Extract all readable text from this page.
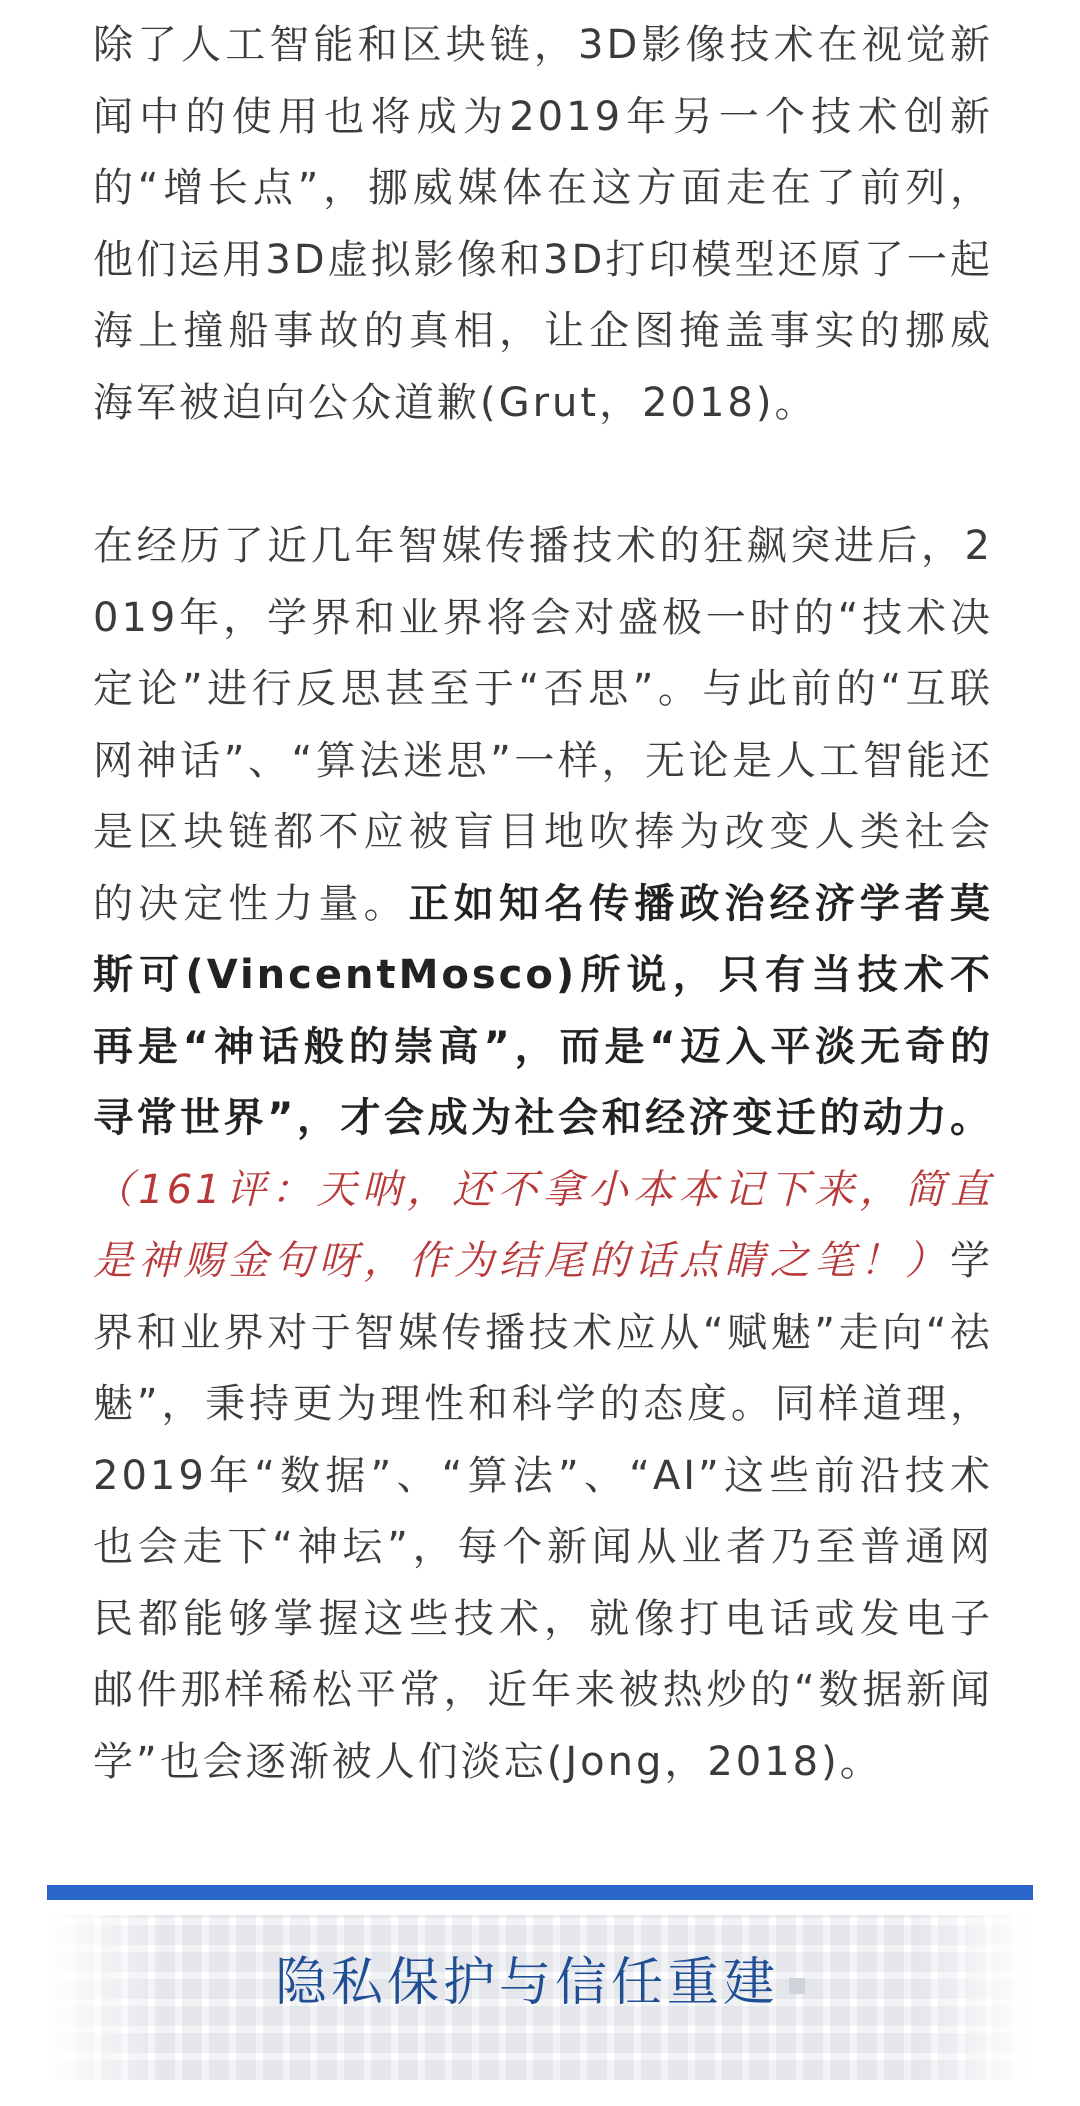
除了人工智能和区块链，3D影像技术在视觉新闻中的使用也将成为2019年另一个技术创新的“增长点”，挪威媒体在这方面走在了前列，他们运用3D虚拟影像和3D打印模型还原了一起海上撞船事故的真相，让企图掩盖事实的挪威海军被迫向公众道歉(Grut，2018)。

在经历了近几年智媒传播技术的狂飙突进后，2019年，学界和业界将会对盛极一时的“技术决定论”进行反思甚至于“否思”。与此前的“互联网神话”、“算法迷思”一样，无论是人工智能还是区块链都不应被盲目地吹捧为改变人类社会的决定性力量。正如知名传播政治经济学者莫斯可(VincentMosco)所说，只有当技术不再是“神话般的崇高”，而是“迈入平淡无奇的寻常世界”，才会成为社会和经济变迁的动力。（161评：天呐，还不拿小本本记下来，简直是神赐金句呀，作为结尾的话点睛之笔！）学界和业界对于智媒传播技术应从“赋魅”走向“祛魅”，秉持更为理性和科学的态度。同样道理，2019年“数据”、“算法”、“AI”这些前沿技术也会走下“神坛”，每个新闻从业者乃至普通网民都能够掌握这些技术，就像打电话或发电子邮件那样稀松平常，近年来被热炒的“数据新闻学”也会逐渐被人们淡忘(Jong，2018)。

隐私保护与信任重建
